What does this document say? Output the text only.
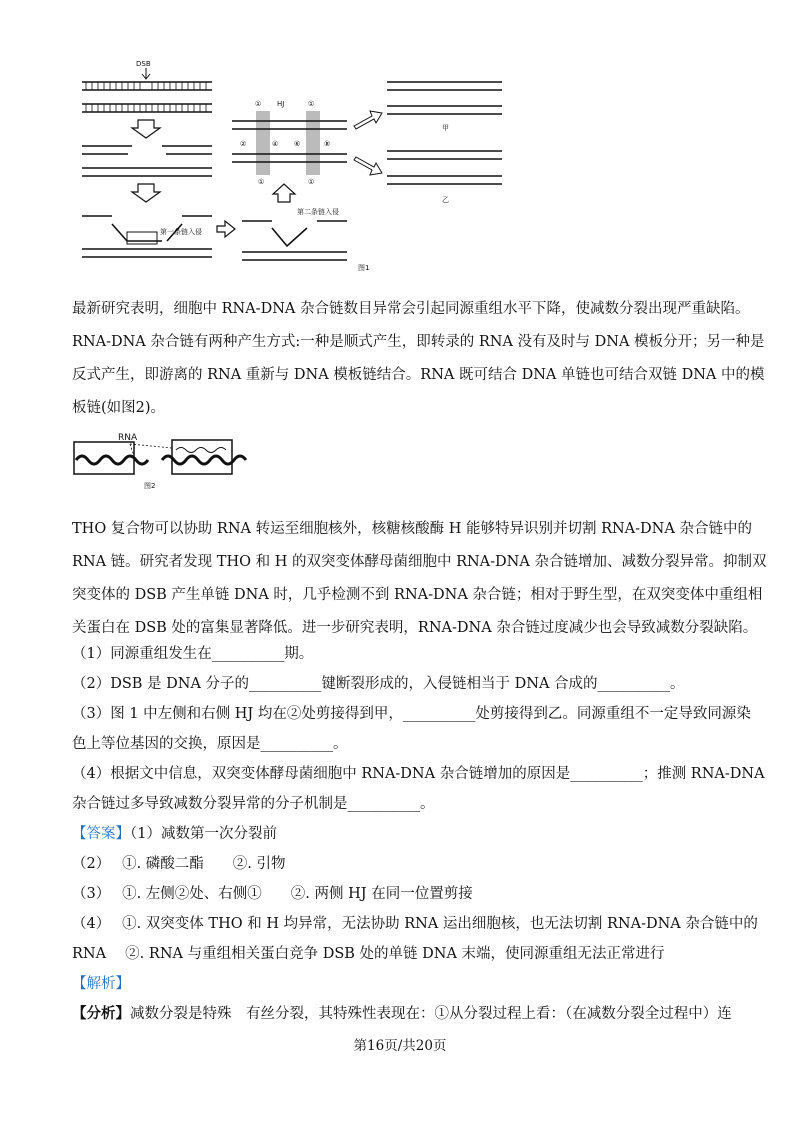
DSB
第一条链入侵
第二条链入侵
HJ
①	①
②	④ ⑥	⑧
①	①
甲
乙
图1
最新研究表明，细胞中 RNA-DNA 杂合链数目异常会引起同源重组水平下降，使减数分裂出现严重缺陷。
RNA-DNA 杂合链有两种产生方式:一种是顺式产生，即转录的 RNA 没有及时与 DNA 模板分开；另一种是
反式产生，即游离的 RNA 重新与 DNA 模板链结合。RNA 既可结合 DNA 单链也可结合双链 DNA 中的模
板链(如图2)。
RNA
图2
THO 复合物可以协助 RNA 转运至细胞核外，核糖核酸酶 H 能够特异识别并切割 RNA-DNA 杂合链中的
RNA 链。研究者发现 THO 和 H 的双突变体酵母菌细胞中 RNA-DNA 杂合链增加、减数分裂异常。抑制双
突变体的 DSB 产生单链 DNA 时，几乎检测不到 RNA-DNA 杂合链；相对于野生型，在双突变体中重组相
关蛋白在 DSB 处的富集显著降低。进一步研究表明，RNA-DNA 杂合链过度减少也会导致减数分裂缺陷。
（1）同源重组发生在__________期。
（2）DSB 是 DNA 分子的__________键断裂形成的，入侵链相当于 DNA 合成的__________。
（3）图 1 中左侧和右侧 HJ 均在②处剪接得到甲，__________处剪接得到乙。同源重组不一定导致同源染
色上等位基因的交换，原因是__________。
（4）根据文中信息，双突变体酵母菌细胞中 RNA-DNA 杂合链增加的原因是__________；推测 RNA-DNA
杂合链过多导致减数分裂异常的分子机制是__________。
【答案】（1）减数第一次分裂前
（2）　 ①. 磷酸二酯　　②. 引物
（3）　 ①. 左侧②处、右侧①　　②. 两侧 HJ 在同一位置剪接
（4）　 ①. 双突变体 THO 和 H 均异常，无法协助 RNA 运出细胞核，也无法切割 RNA-DNA 杂合链中的
RNA　 ②. RNA 与重组相关蛋白竞争 DSB 处的单链 DNA 末端，使同源重组无法正常进行
【解析】
【分析】减数分裂是特殊　有丝分裂，其特殊性表现在：①从分裂过程上看：（在减数分裂全过程中）连
第16页/共20页
